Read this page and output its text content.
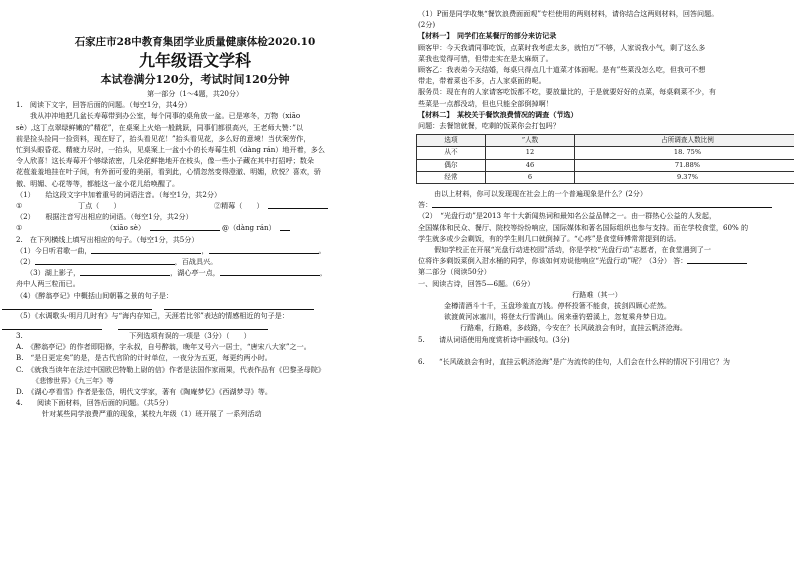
石家庄市28中教育集团学业质量健康体检2020.10
九年级语文学科
本试卷满分120分，考试时间120分钟
第一部分（1～4题，共20分）
1.　阅读下文字，回答后面的问题。（每空1分，共4分）
我从冲冲地把几盆长寿莓带到办公室，每个同事的桌角放一盆。已是寒冬，万物（xiāo
sè）,这丁点翠绿鲜嫩的”精花”，在桌案上火焰一般跳跃，同事们都很高兴，王老师大赞：”以
前是捡头捡同一捡资料，现在好了，抬头看见花！”抬头看见花，多么好的意境！当伏案劳作，
忙到头眼昏花、精疲力尽时，一抬头，见桌案上一盆小小的长寿莓生机（dàng rán）地开着，多么
令人欣喜！这长寿莓开个够绿浓密，几朵花鲜艳地开在枝头，像一些小子藏在其中打招呼；数朵
花苞羞羞地挂在叶子间，有外面可爱的美丽，看到此，心情忽然变得澄澈、明媚，欣悦？喜欢，骄
傲、明媚、心花等等，都能这一盆小花儿给唤醒了。
（1）　　给这段文字中加着重号的词语注音。（每空1分，共2分）
①	丁点（　　）	②精莓（　　）
（2）　　根据注音写出相应的词语。（每空1分，共2分）
①	（xiāo sè）	@（dàng rán）
2.　在下列横线上填写出相应的句子。（每空1分，共5分）
（1）今日听君歌一曲，	，	。
（2）	，百战具兴。
（3）湖上影子，	，湖心亭一点，	，
舟中人两三粒而已。
（4）《醉翁亭记》中概括山间朝暮之景的句子是：
（5）《水调歌头·明月几时有》与“海内存知己，天涯若比邻”表达的情感相近的句子是：
3.　　　　　　　　　　　　　　　下列选项有误的一项是（3分）（　　）
A.　《醉翁亭记》的作者即阳修，字永叔，自号醉翁，晚年又号六一居士，“唐宋八大家”之一。
B.　“是日更定矣”的是，是古代官阶的计时单位，一夜分为五更，每更约两小时。
C.　《就我当读年在法过中国欧巴特勒上尉的信》作者是法国作家雨果，代表作品有《巴黎圣母院》
《悲惨世界》《九三年》等
D.　《湖心亭看雪》作者是张岱，明代文学家，著有《陶庵梦忆》《西湖梦寻》等。
4.　　阅读下面材料，回答后面的问题。（共5分）
针对某些同学浪费严重的现象，某校九年级（1）班开展了 一系列活动
（1）P面是同学收集“餐饮浪费面面观”专栏使用的两则材料，请你结合这两则材料，回答问题。
(2分)
【材料一】　同学们在某餐厅的部分来访记录
顾客甲：今天我请同事吃饭，点菜时我考虑太多，就怕万”不够，人家说我小气，剩了这么多
菜我也觉得可惜，但带走实在是太麻烦了。
顾客乙：我表弟今天结婚，每桌只得点几十道菜才体面呢。是有”些菜没怎么吃，但我可不想
带走，带着菜也不多，占人家桌面的呢。
服务员：现在有的人家请客吃饭都不吃，要放量比的，于是就要好好的点菜，每桌剩菜不少，有
些菜是一点都没动，但也只能全部倒掉啊！
【材料二】　某校关于餐饮浪费情况的调查（节选）
问题：去餐馆就餐，吃剩的饭菜你会打包吗？
选项	”人数	占所调查人数比例
从不	12	18. 75%
偶尔	46	71.88%
经常	6	9.37%
由以上材料，你可以发现现在社会上的一个普遍现象是什么？(2分）
答：
（2）　“光盘行动”是2013 年十大新闻热词和最知名公益品牌之一。由一群热心公益的人发起，
全国媒体和民众、餐厅、院校等纷纷响应，国际媒体和著名国际组织也参与支持。而在学校食堂，60% 的
学生就多或少会剩饭，有的学生则几口就倒掉了。“心疼”是食堂师傅常常提到的话。
假如学校正在开展“光盘行动进校园”活动，你是学校“光盘行动”志愿者，在食堂遇到了一
位将许多剩饭菜倒入泔水桶的同学，你该如何劝说他响应“光盘行动”呢？（3分） 答：
第二部分（阅读50分）
一、阅读古诗，回答5—6题。（6分）
行路难（其一）
金樽清酒斗十千，玉盘珍羞直万钱。停杯投箸不能食，拔剑四顾心茫然。
欲渡黄河冰塞川，将登太行雪满山。闲来垂钓碧溪上，忽复乘舟梦日边。
行路难，行路难，多歧路，今安在？长风破浪会有时，直挂云帆济沧海。
5.　　请从词语使用角度赏析诗中画线句。(3分)
6.　　“长风破浪会有时，直挂云帆济沧海”是广为流传的佳句，人们会在什么样的情况下引用它？为
